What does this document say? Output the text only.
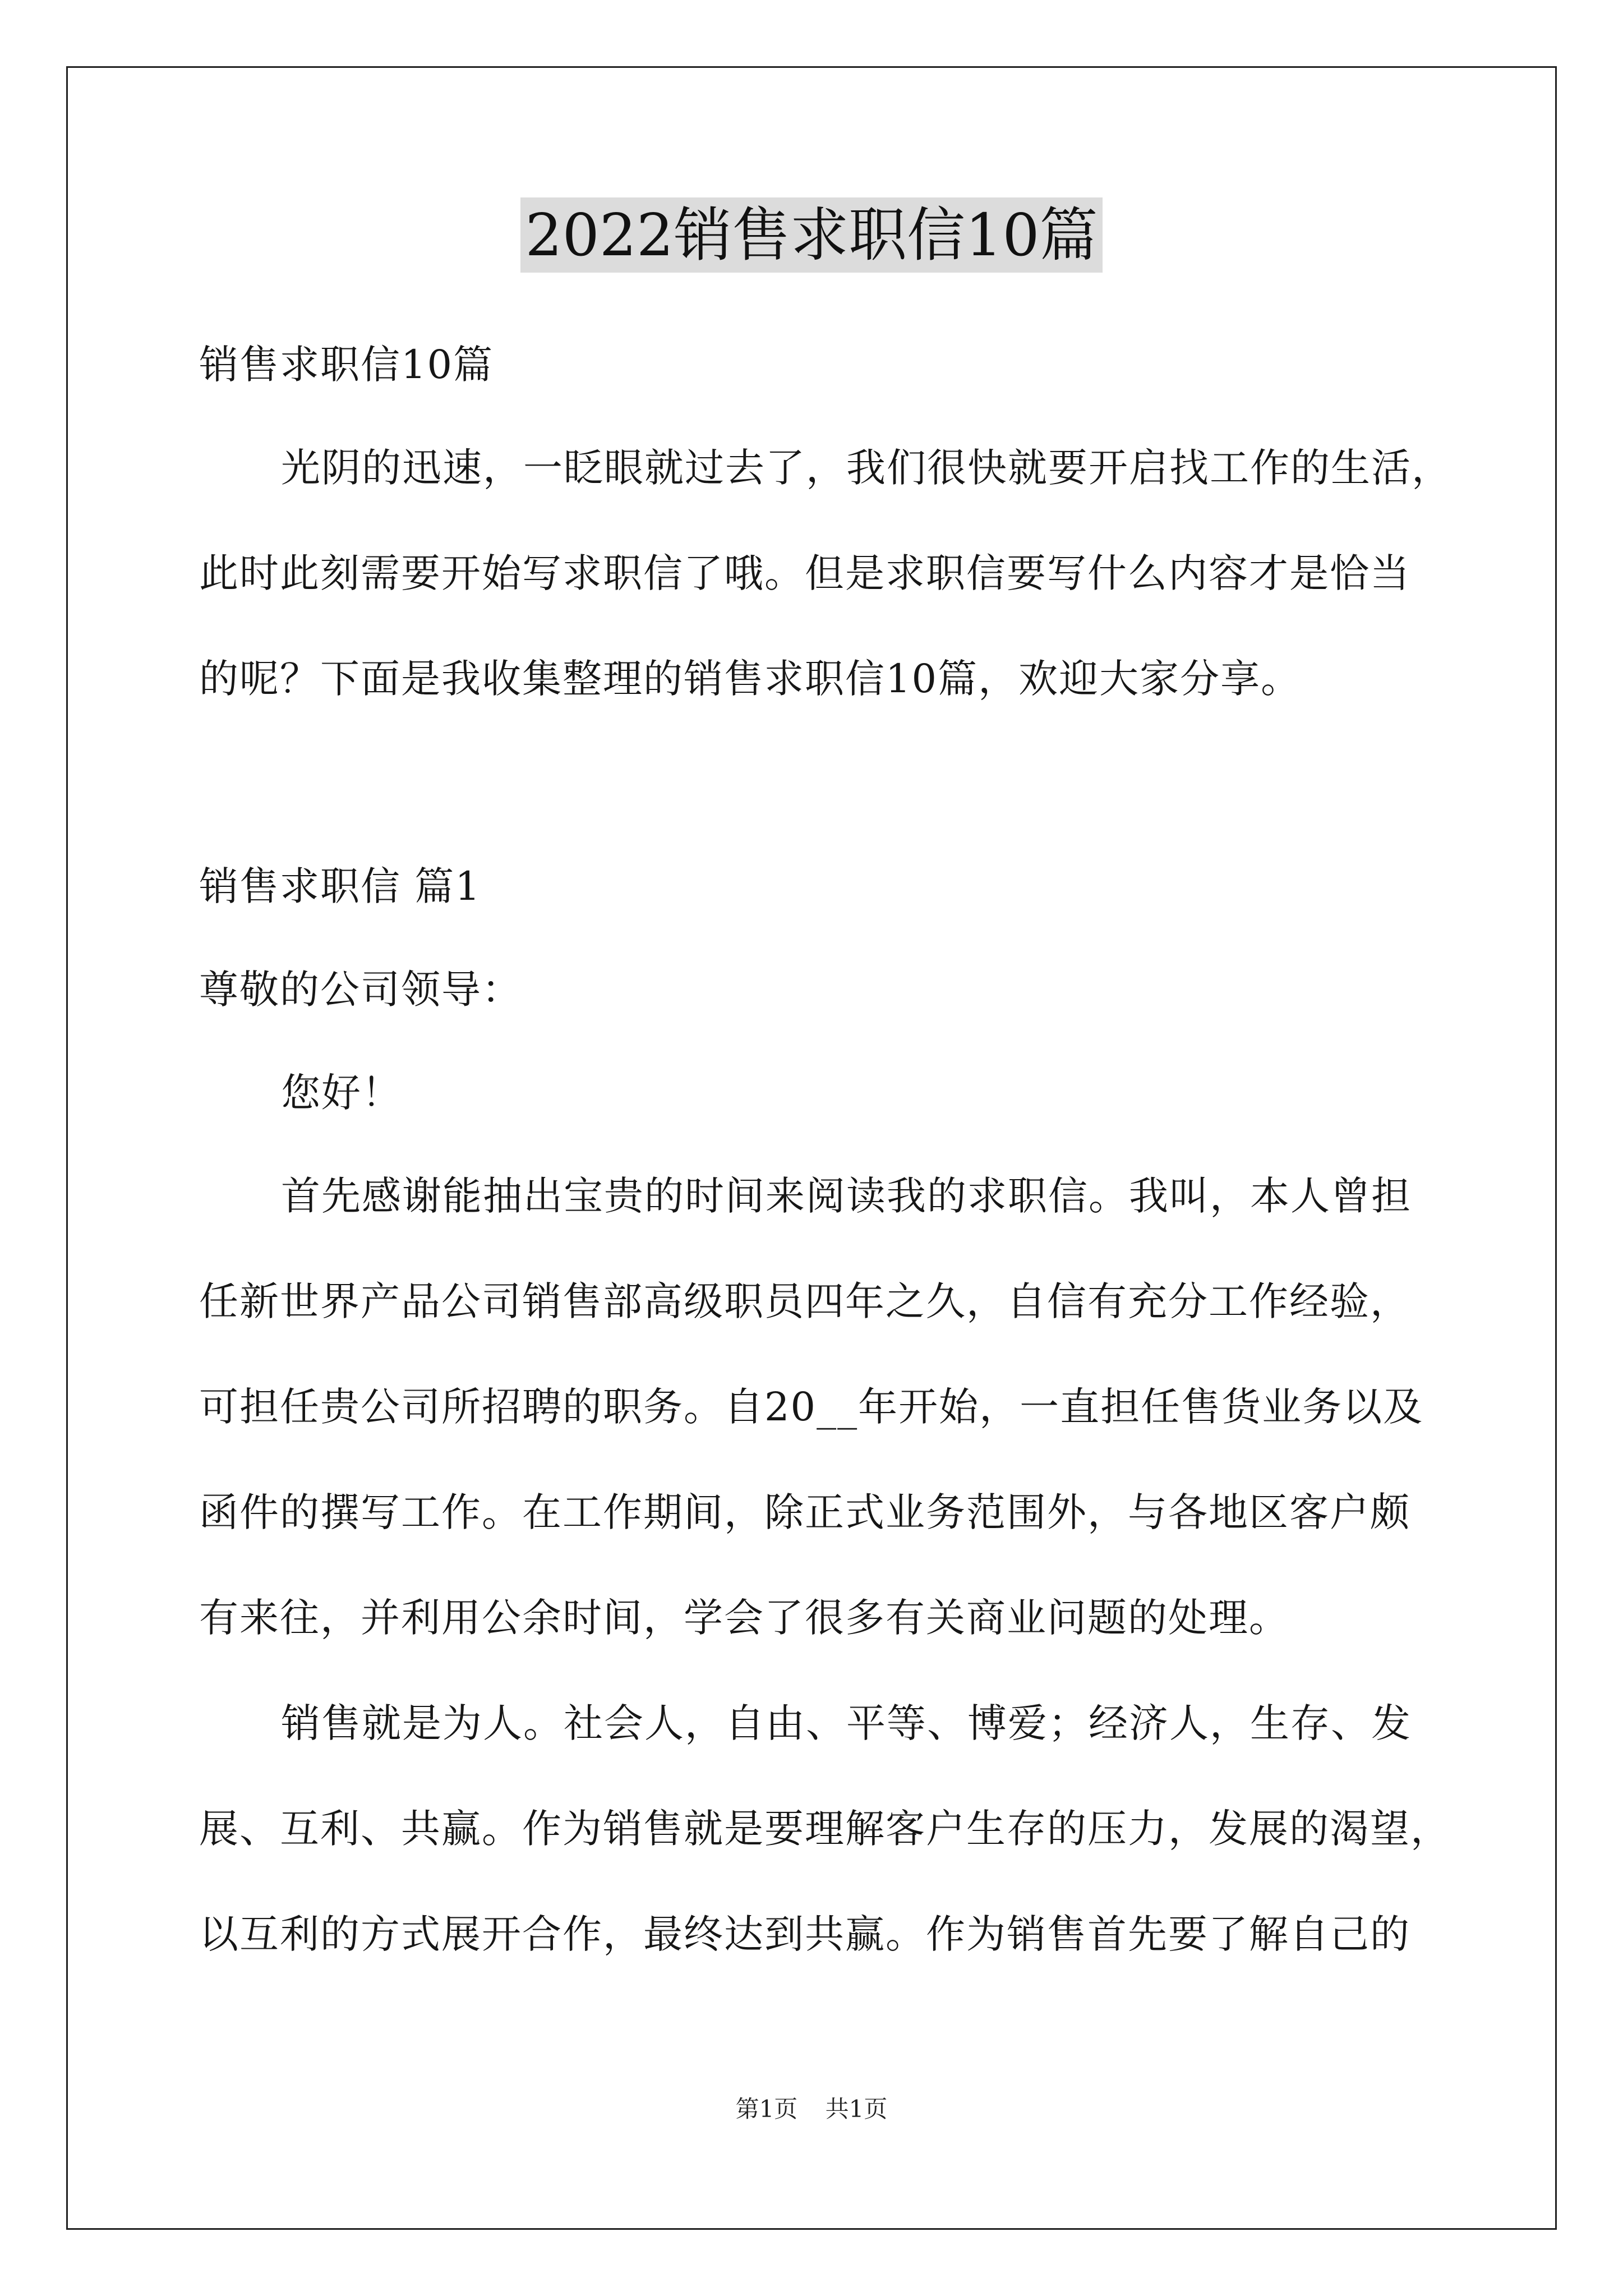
2022销售求职信10篇
销售求职信10篇
光阴的迅速，一眨眼就过去了，我们很快就要开启找工作的生活，
此时此刻需要开始写求职信了哦。但是求职信要写什么内容才是恰当
的呢？下面是我收集整理的销售求职信10篇，欢迎大家分享。
销售求职信 篇1
尊敬的公司领导：
您好！
首先感谢能抽出宝贵的时间来阅读我的求职信。我叫，本人曾担
任新世界产品公司销售部高级职员四年之久，自信有充分工作经验，
可担任贵公司所招聘的职务。自20__年开始，一直担任售货业务以及
函件的撰写工作。在工作期间，除正式业务范围外，与各地区客户颇
有来往，并利用公余时间，学会了很多有关商业问题的处理。
销售就是为人。社会人，自由、平等、博爱；经济人，生存、发
展、互利、共赢。作为销售就是要理解客户生存的压力，发展的渴望，
以互利的方式展开合作，最终达到共赢。作为销售首先要了解自己的
第1页 共1页
